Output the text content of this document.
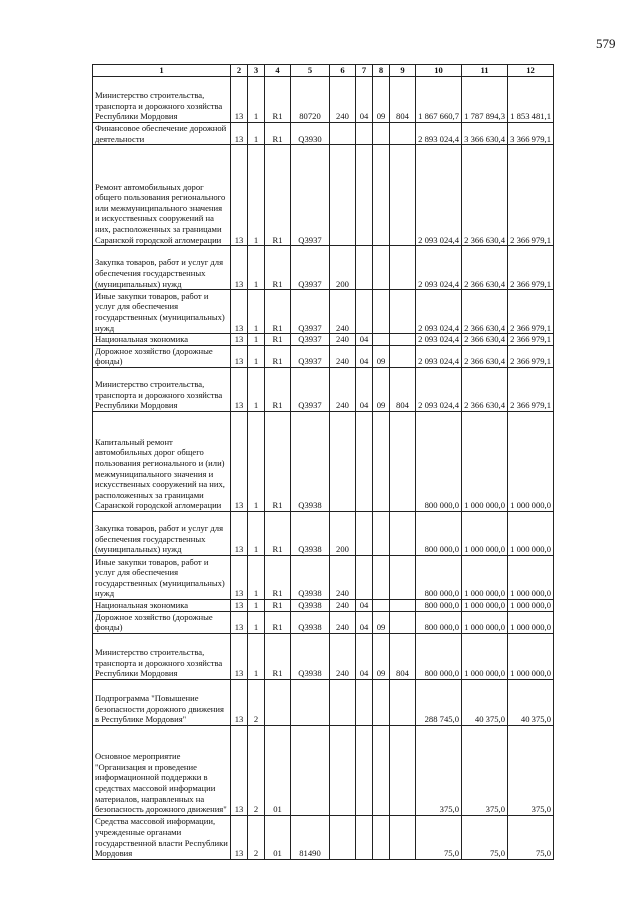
579
1	2	3	4	5	6	7	8	9	10	11	12
Министерство строительства, транспорта и дорожного хозяйства Республики Мордовия	13	1	R1	80720	240	04	09	804	1 867 660,7	1 787 894,3	1 853 481,1
Финансовое обеспечение дорожной деятельности	13	1	R1	Q3930					2 893 024,4	3 366 630,4	3 366 979,1
Ремонт автомобильных дорог общего пользования регионального или межмуниципального значения и искусственных сооружений на них, расположенных за границами Саранской городской агломерации	13	1	R1	Q3937					2 093 024,4	2 366 630,4	2 366 979,1
Закупка товаров, работ и услуг для обеспечения государственных (муниципальных) нужд	13	1	R1	Q3937	200				2 093 024,4	2 366 630,4	2 366 979,1
Иные закупки товаров, работ и услуг для обеспечения государственных (муниципальных) нужд	13	1	R1	Q3937	240				2 093 024,4	2 366 630,4	2 366 979,1
Национальная экономика	13	1	R1	Q3937	240	04			2 093 024,4	2 366 630,4	2 366 979,1
Дорожное хозяйство (дорожные фонды)	13	1	R1	Q3937	240	04	09		2 093 024,4	2 366 630,4	2 366 979,1
Министерство строительства, транспорта и дорожного хозяйства Республики Мордовия	13	1	R1	Q3937	240	04	09	804	2 093 024,4	2 366 630,4	2 366 979,1
Капитальный ремонт автомобильных дорог общего пользования регионального и (или) межмуниципального значения и искусственных сооружений на них, расположенных за границами Саранской городской агломерации	13	1	R1	Q3938					800 000,0	1 000 000,0	1 000 000,0
Закупка товаров, работ и услуг для обеспечения государственных (муниципальных) нужд	13	1	R1	Q3938	200				800 000,0	1 000 000,0	1 000 000,0
Иные закупки товаров, работ и услуг для обеспечения государственных (муниципальных) нужд	13	1	R1	Q3938	240				800 000,0	1 000 000,0	1 000 000,0
Национальная экономика	13	1	R1	Q3938	240	04			800 000,0	1 000 000,0	1 000 000,0
Дорожное хозяйство (дорожные фонды)	13	1	R1	Q3938	240	04	09		800 000,0	1 000 000,0	1 000 000,0
Министерство строительства, транспорта и дорожного хозяйства Республики Мордовия	13	1	R1	Q3938	240	04	09	804	800 000,0	1 000 000,0	1 000 000,0
Подпрограмма "Повышение безопасности дорожного движения в Республике Мордовия"	13	2							288 745,0	40 375,0	40 375,0
Основное мероприятие "Организация и проведение информационной поддержки в средствах массовой информации материалов, направленных на безопасность дорожного движения"	13	2	01						375,0	375,0	375,0
Средства массовой информации, учрежденные органами государственной власти Республики Мордовия	13	2	01	81490					75,0	75,0	75,0
